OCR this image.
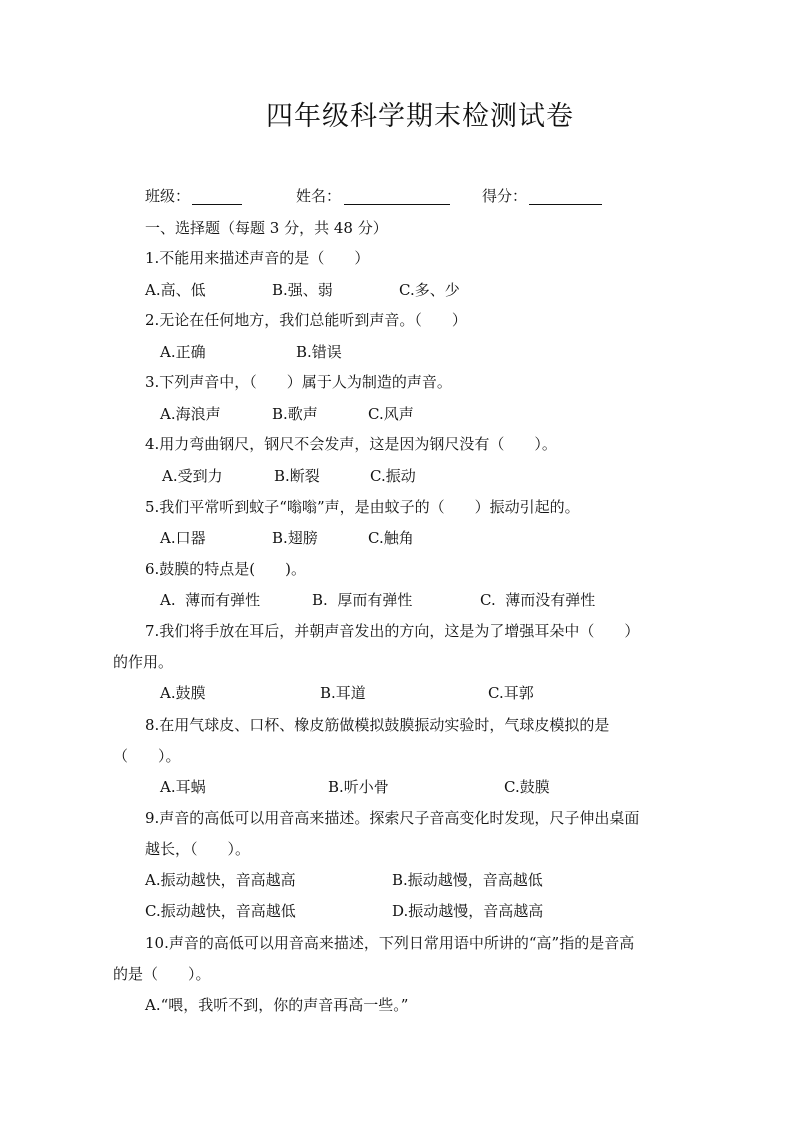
四年级科学期末检测试卷
班级：	姓名：	得分：
一、选择题（每题 3 分，共 48 分）
1.不能用来描述声音的是（　　）
A.高、低	B.强、弱	C.多、少
2.无论在任何地方，我们总能听到声音。（　　）
A.正确	B.错误
3.下列声音中，（　　）属于人为制造的声音。
A.海浪声	B.歌声	C.风声
4.用力弯曲钢尺，钢尺不会发声，这是因为钢尺没有（　　）。
A.受到力	B.断裂	C.振动
5.我们平常听到蚊子“嗡嗡”声，是由蚊子的（　　）振动引起的。
A.口器	B.翅膀	C.触角
6.鼓膜的特点是(　　)。
A.  薄而有弹性	B.  厚而有弹性	C.  薄而没有弹性
7.我们将手放在耳后，并朝声音发出的方向，这是为了增强耳朵中（　　）
的作用。
A.鼓膜	B.耳道	C.耳郭
8.在用气球皮、口杯、橡皮筋做模拟鼓膜振动实验时，气球皮模拟的是
（　　）。
A.耳蜗	B.听小骨	C.鼓膜
9.声音的高低可以用音高来描述。探索尺子音高变化时发现，尺子伸出桌面
越长，（　　）。
A.振动越快，音高越高	B.振动越慢，音高越低
C.振动越快，音高越低	D.振动越慢，音高越高
10.声音的高低可以用音高来描述，下列日常用语中所讲的“高”指的是音高
的是（　　）。
A.“喂，我听不到，你的声音再高一些。”
